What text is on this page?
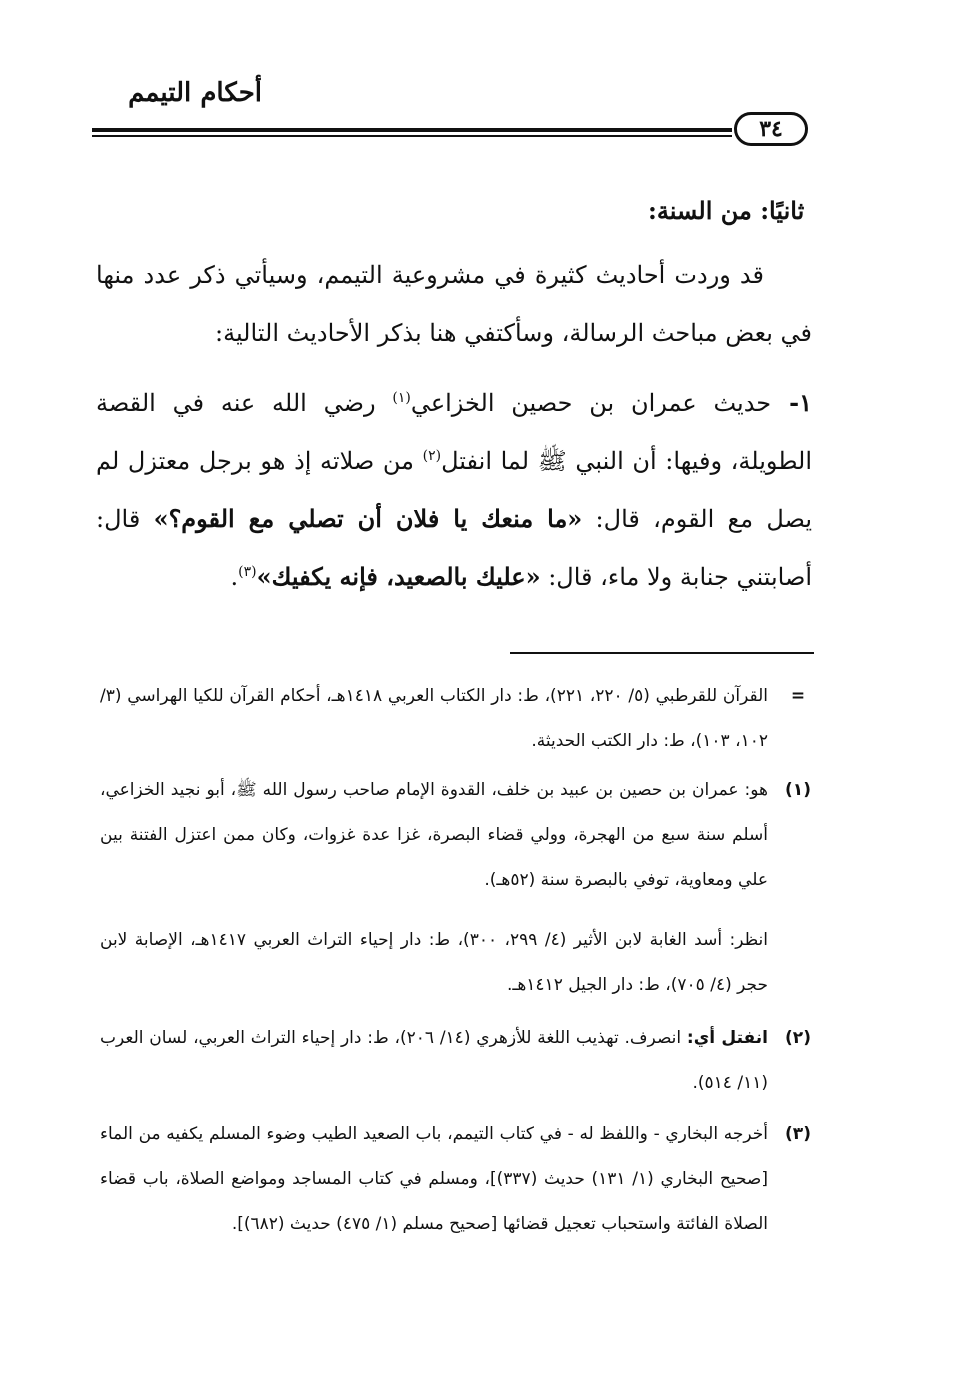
أحكام التيمم
٣٤
ثانيًا: من السنة:

قد وردت أحاديث كثيرة في مشروعية التيمم، وسيأتي ذكر عدد منها في بعض مباحث الرسالة، وسأكتفي هنا بذكر الأحاديث التالية:

١-حديث عمران بن حصين الخزاعي$^{(١)}$ رضي الله عنه في القصة الطويلة، وفيها: أن النبي ﷺ لما انفتل$^{(٢)}$ من صلاته إذ هو برجل معتزل لم يصل مع القوم، قال: «ما منعك يا فلان أن تصلي مع القوم؟» قال: أصابتني جنابة ولا ماء، قال: «عليك بالصعيد، فإنه يكفيك»$^{(٣)}$.

=

القرآن للقرطبي (٥/ ٢٢٠، ٢٢١)، ط: دار الكتاب العربي ١٤١٨هـ، أحكام القرآن للكيا الهراسي (٣/ ١٠٢، ١٠٣)، ط: دار الكتب الحديثة.

(١)

هو: عمران بن حصين بن عبيد بن خلف، القدوة الإمام صاحب رسول الله ﷺ، أبو نجيد الخزاعي، أسلم سنة سبع من الهجرة، وولي قضاء البصرة، غزا عدة غزوات، وكان ممن اعتزل الفتنة بين علي ومعاوية، توفي بالبصرة سنة (٥٢هـ).

انظر: أسد الغابة لابن الأثير (٤/ ٢٩٩، ٣٠٠)، ط: دار إحياء التراث العربي ١٤١٧هـ، الإصابة لابن حجر (٤/ ٧٠٥)، ط: دار الجيل ١٤١٢هـ.

(٢)

انفتل أي: انصرف. تهذيب اللغة للأزهري (١٤/ ٢٠٦)، ط: دار إحياء التراث العربي، لسان العرب (١١/ ٥١٤).

(٣)

أخرجه البخاري - واللفظ له - في كتاب التيمم، باب الصعيد الطيب وضوء المسلم يكفيه من الماء [صحيح البخاري (١/ ١٣١) حديث (٣٣٧)]، ومسلم في كتاب المساجد ومواضع الصلاة، باب قضاء الصلاة الفائتة واستحباب تعجيل قضائها [صحيح مسلم (١/ ٤٧٥) حديث (٦٨٢)].
